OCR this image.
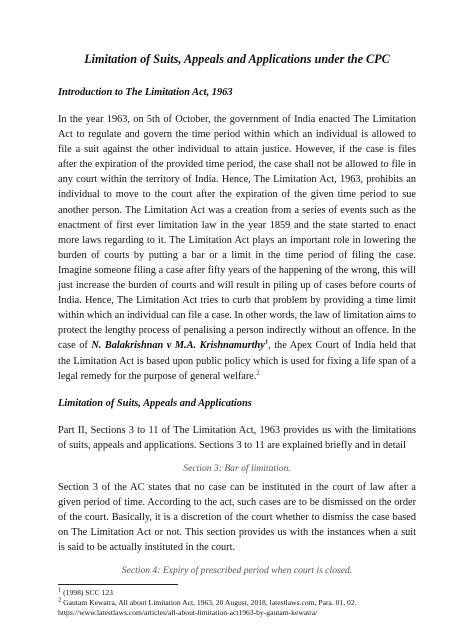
Limitation of Suits, Appeals and Applications under the CPC
Introduction to The Limitation Act, 1963

In the year 1963, on 5th of October, the government of India enacted The Limitation Act to regulate and govern the time period within which an individual is allowed to file a suit against the other individual to attain justice. However, if the case is files after the expiration of the provided time period, the case shall not be allowed to file in any court within the territory of India. Hence, The Limitation Act, 1963, prohibits an individual to move to the court after the expiration of the given time period to sue another person. The Limitation Act was a creation from a series of events such as the enactment of first ever limitation law in the year 1859 and the state started to enact more laws regarding to it. The Limitation Act plays an important role in lowering the burden of courts by putting a bar or a limit in the time period of filing the case. Imagine someone filing a case after fifty years of the happening of the wrong, this will just increase the burden of courts and will result in piling up of cases before courts of India. Hence, The Limitation Act tries to curb that problem by providing a time limit within which an individual can file a case. In other words, the law of limitation aims to protect the lengthy process of penalising a person indirectly without an offence. In the case of N. Balakrishnan v M.A. Krishnamurthy$^1$, the Apex Court of India held that the Limitation Act is based upon public policy which is used for fixing a life span of a legal remedy for the purpose of general welfare.$^2$

Limitation of Suits, Appeals and Applications

Part II, Sections 3 to 11 of The Limitation Act, 1963 provides us with the limitations of suits, appeals and applications. Sections 3 to 11 are explained briefly and in detail

Section 3: Bar of limitation.

Section 3 of the AC states that no case can be instituted in the court of law after a given period of time. According to the act, such cases are to be dismissed on the order of the court. Basically, it is a discretion of the court whether to dismiss the case based on The Limitation Act or not. This section provides us with the instances when a suit is said to be actually instituted in the court.

Section 4: Expiry of prescribed period when court is closed.
$^1$ (1998) SCC 123
$^2$ Gautam Kewatra, All about Limitation Act, 1963, 20 August, 2018, latestlaws.com, Para. 01, 02.
https://www.latestlaws.com/articles/all-about-limitation-act1963-by-gautam-kewatra/
